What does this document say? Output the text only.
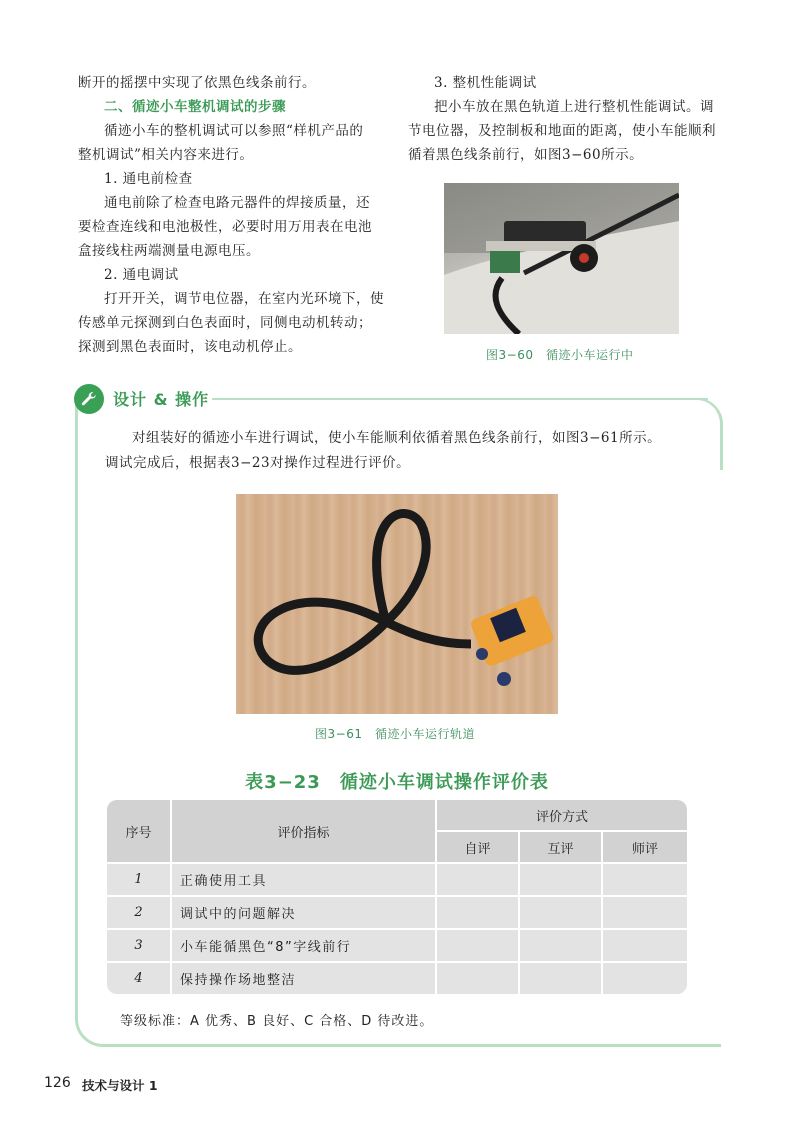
断开的摇摆中实现了依黑色线条前行。

二、循迹小车整机调试的步骤

循迹小车的整机调试可以参照“样机产品的

整机调试”相关内容来进行。

1. 通电前检查

通电前除了检查电路元器件的焊接质量，还

要检查连线和电池极性，必要时用万用表在电池

盒接线柱两端测量电源电压。

2. 通电调试

打开开关，调节电位器，在室内光环境下，使

传感单元探测到白色表面时，同侧电动机转动；

探测到黑色表面时，该电动机停止。

3. 整机性能调试

把小车放在黑色轨道上进行整机性能调试。调

节电位器，及控制板和地面的距离，使小车能顺利

循着黑色线条前行，如图3−60所示。

图3−60　循迹小车运行中
设计 & 操作

对组装好的循迹小车进行调试，使小车能顺利依循着黑色线条前行，如图3−61所示。

调试完成后，根据表3−23对操作过程进行评价。

图3−61　循迹小车运行轨道
表3−23　循迹小车调试操作评价表
序号	评价指标	评价方式		
		自评	互评	师评
1	正确使用工具			
2	调试中的问题解决			
3	小车能循黑色“8”字线前行			
4	保持操作场地整洁			
等级标准：A 优秀、B 良好、C 合格、D 待改进。
126 技术与设计 1
